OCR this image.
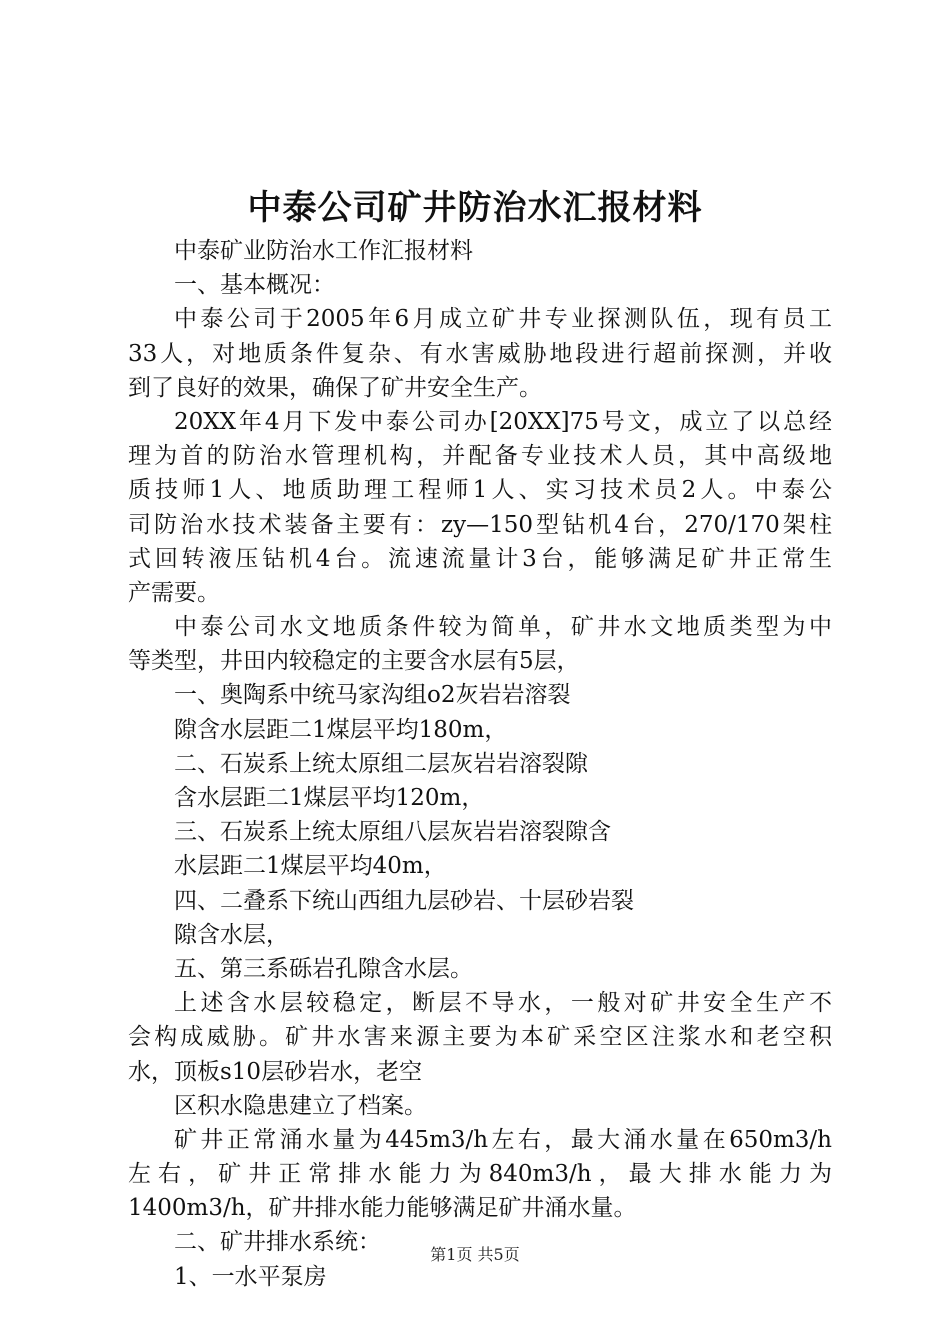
中泰公司矿井防治水汇报材料

中泰矿业防治水工作汇报材料

一、基本概况：

中泰公司于2005年6月成立矿井专业探测队伍，现有员工

33人，对地质条件复杂、有水害威胁地段进行超前探测，并收

到了良好的效果，确保了矿井安全生产。

20XX年4月下发中泰公司办[20XX]75号文，成立了以总经

理为首的防治水管理机构，并配备专业技术人员，其中高级地

质技师1人、地质助理工程师1人、实习技术员2人。中泰公

司防治水技术装备主要有：zy—150型钻机4台，270/170架柱

式回转液压钻机4台。流速流量计3台，能够满足矿井正常生

产需要。

中泰公司水文地质条件较为简单，矿井水文地质类型为中

等类型，井田内较稳定的主要含水层有5层，

一、奥陶系中统马家沟组o2灰岩岩溶裂

隙含水层距二1煤层平均180m，

二、石炭系上统太原组二层灰岩岩溶裂隙

含水层距二1煤层平均120m，

三、石炭系上统太原组八层灰岩岩溶裂隙含

水层距二1煤层平均40m，

四、二叠系下统山西组九层砂岩、十层砂岩裂

隙含水层，

五、第三系砾岩孔隙含水层。

上述含水层较稳定，断层不导水，一般对矿井安全生产不

会构成威胁。矿井水害来源主要为本矿采空区注浆水和老空积

水，顶板s10层砂岩水，老空

区积水隐患建立了档案。

矿井正常涌水量为445m3/h左右，最大涌水量在650m3/h

左右，矿井正常排水能力为840m3/h，最大排水能力为

1400m3/h，矿井排水能力能够满足矿井涌水量。

二、矿井排水系统：

1、一水平泵房

第1页 共5页
